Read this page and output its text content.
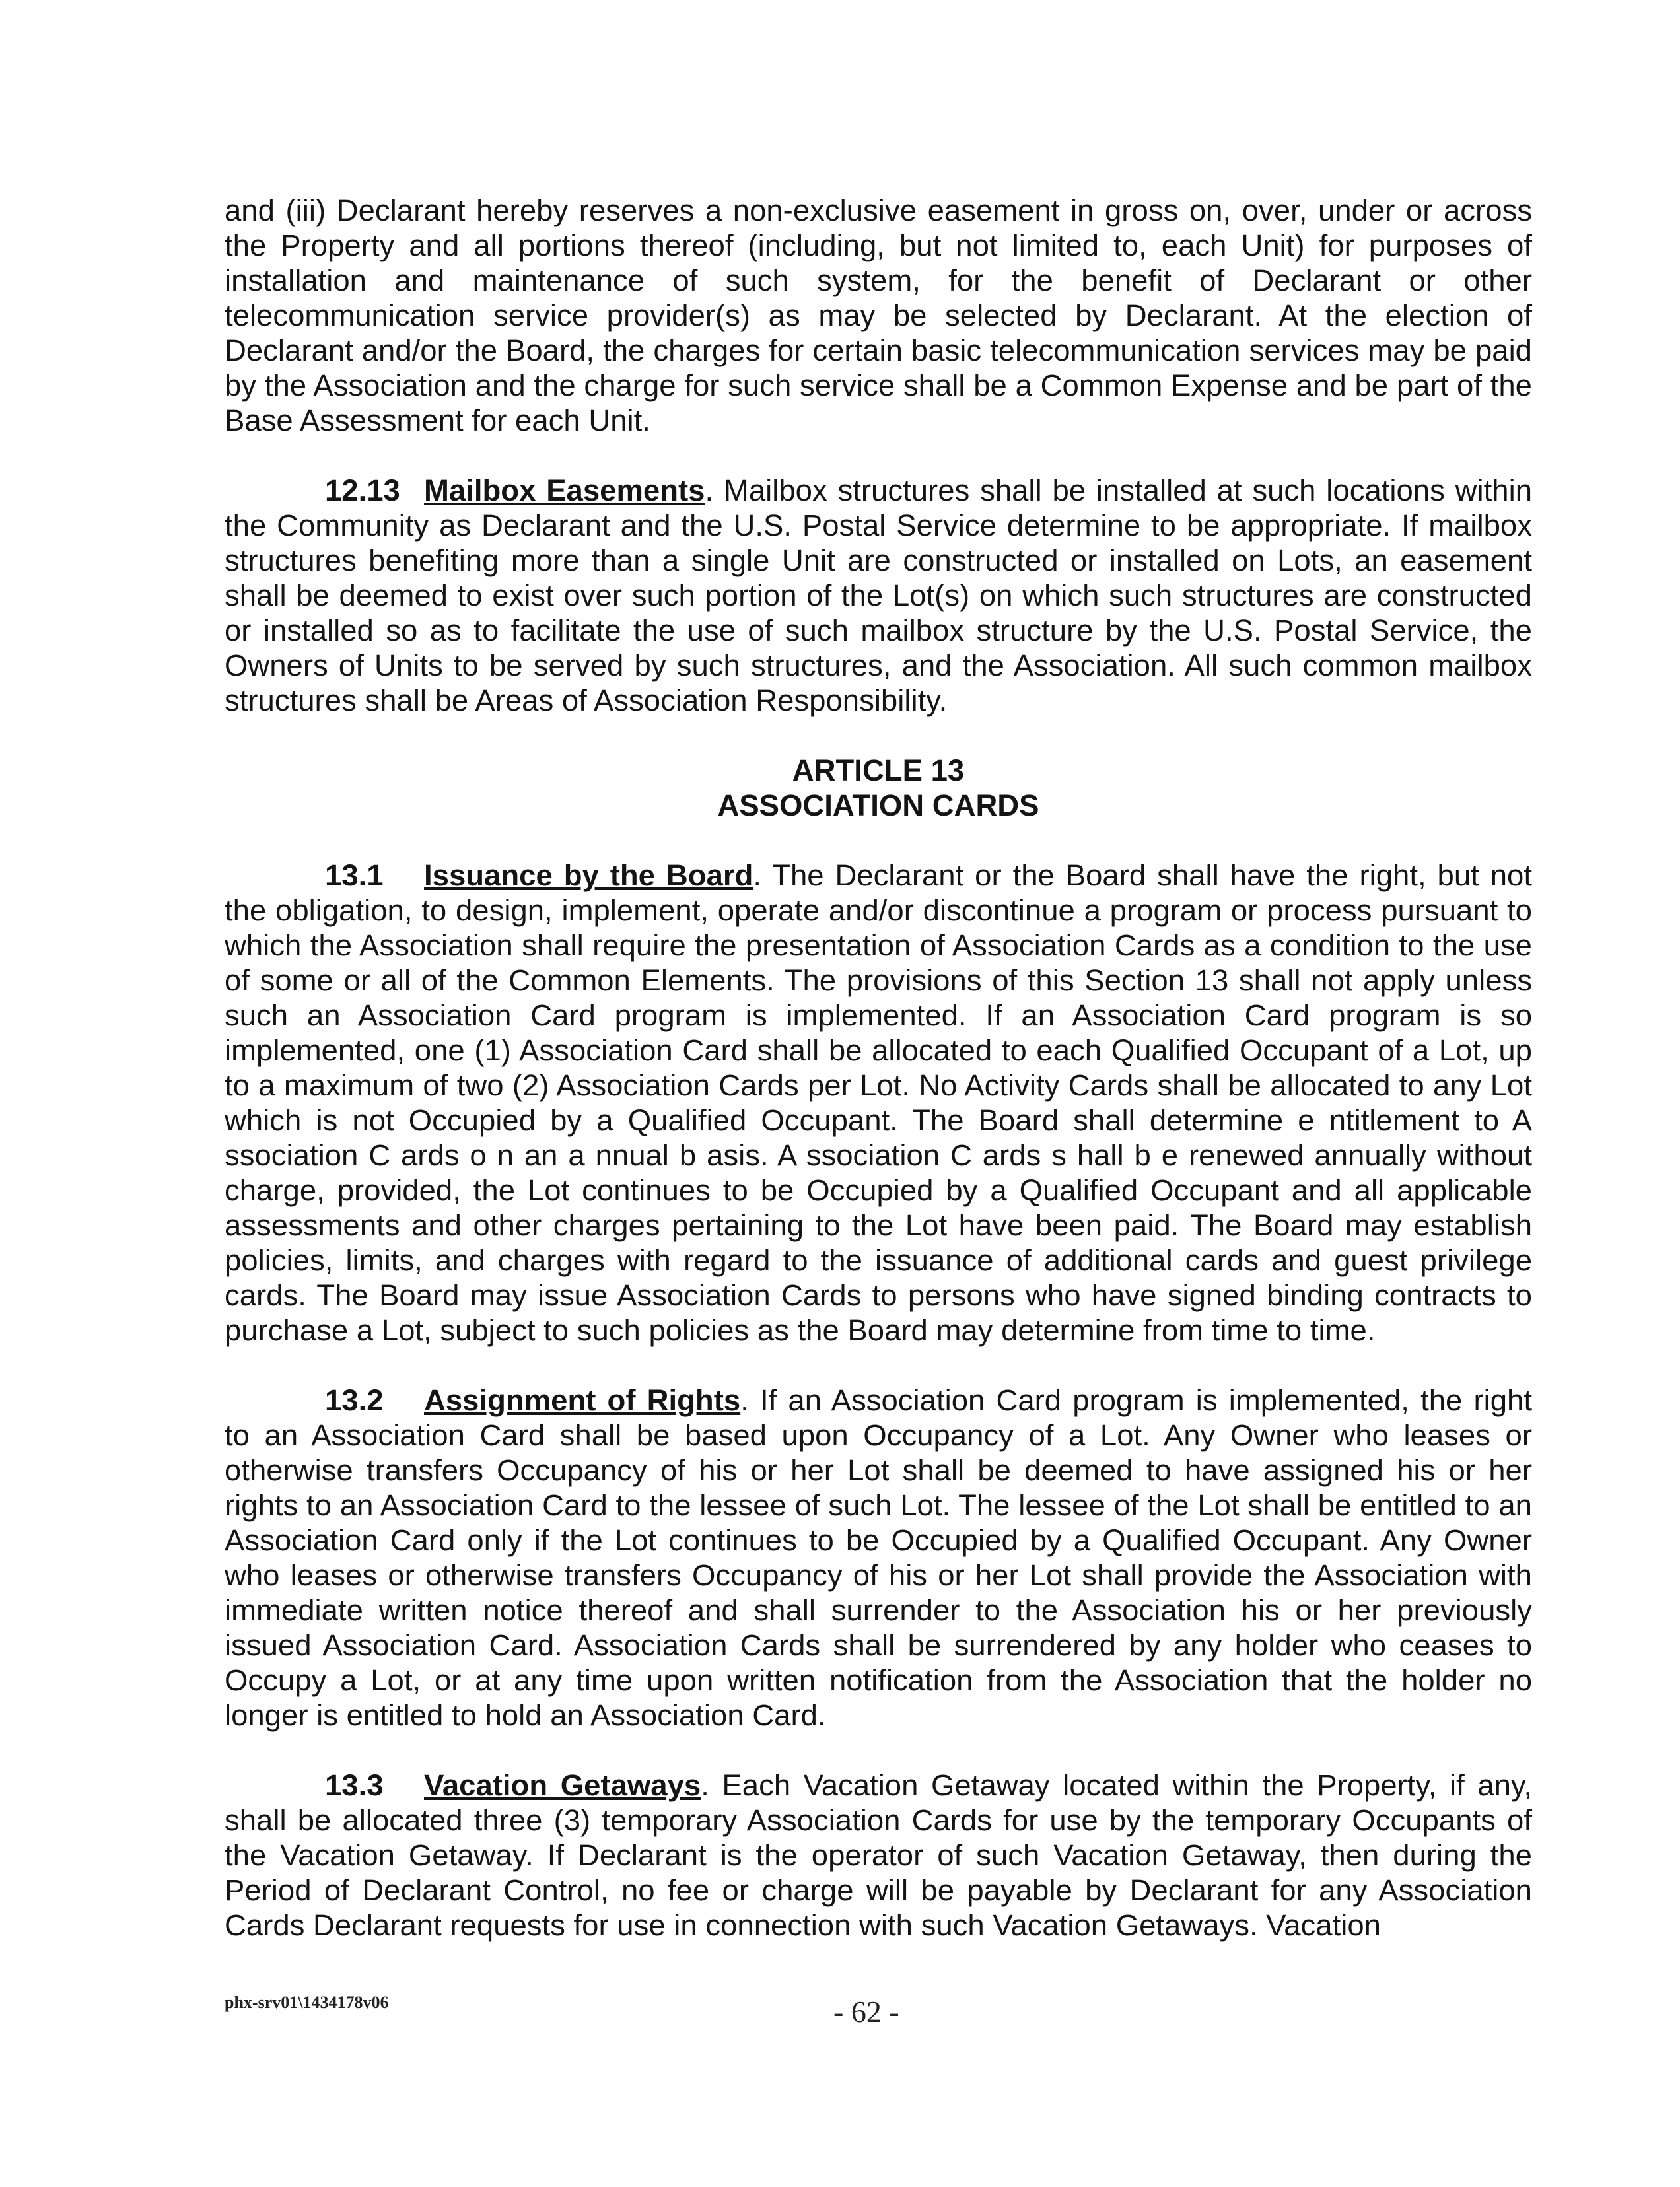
and (iii) Declarant hereby reserves a non-exclusive easement in gross on, over, under or across the Property and all portions thereof (including, but not limited to, each Unit) for purposes of installation and maintenance of such system, for the benefit of Declarant or other telecommunication service provider(s) as may be selected by Declarant. At the election of Declarant and/or the Board, the charges for certain basic telecommunication services may be paid by the Association and the charge for such service shall be a Common Expense and be part of the Base Assessment for each Unit.

12.13 Mailbox Easements. Mailbox structures shall be installed at such locations within the Community as Declarant and the U.S. Postal Service determine to be appropriate. If mailbox structures benefiting more than a single Unit are constructed or installed on Lots, an easement shall be deemed to exist over such portion of the Lot(s) on which such structures are constructed or installed so as to facilitate the use of such mailbox structure by the U.S. Postal Service, the Owners of Units to be served by such structures, and the Association. All such common mailbox structures shall be Areas of Association Responsibility.

ARTICLE 13
ASSOCIATION CARDS

13.1 Issuance by the Board. The Declarant or the Board shall have the right, but not the obligation, to design, implement, operate and/or discontinue a program or process pursuant to which the Association shall require the presentation of Association Cards as a condition to the use of some or all of the Common Elements. The provisions of this Section 13 shall not apply unless such an Association Card program is implemented. If an Association Card program is so implemented, one (1) Association Card shall be allocated to each Qualified Occupant of a Lot, up to a maximum of two (2) Association Cards per Lot. No Activity Cards shall be allocated to any Lot which is not Occupied by a Qualified Occupant. The Board shall determine e ntitlement to A ssociation C ards o n an a nnual b asis. A ssociation C ards s hall b e renewed annually without charge, provided, the Lot continues to be Occupied by a Qualified Occupant and all applicable assessments and other charges pertaining to the Lot have been paid. The Board may establish policies, limits, and charges with regard to the issuance of additional cards and guest privilege cards. The Board may issue Association Cards to persons who have signed binding contracts to purchase a Lot, subject to such policies as the Board may determine from time to time.

13.2 Assignment of Rights. If an Association Card program is implemented, the right to an Association Card shall be based upon Occupancy of a Lot. Any Owner who leases or otherwise transfers Occupancy of his or her Lot shall be deemed to have assigned his or her rights to an Association Card to the lessee of such Lot. The lessee of the Lot shall be entitled to an Association Card only if the Lot continues to be Occupied by a Qualified Occupant. Any Owner who leases or otherwise transfers Occupancy of his or her Lot shall provide the Association with immediate written notice thereof and shall surrender to the Association his or her previously issued Association Card. Association Cards shall be surrendered by any holder who ceases to Occupy a Lot, or at any time upon written notification from the Association that the holder no longer is entitled to hold an Association Card.

13.3 Vacation Getaways. Each Vacation Getaway located within the Property, if any, shall be allocated three (3) temporary Association Cards for use by the temporary Occupants of the Vacation Getaway. If Declarant is the operator of such Vacation Getaway, then during the Period of Declarant Control, no fee or charge will be payable by Declarant for any Association Cards Declarant requests for use in connection with such Vacation Getaways. Vacation

phx-srv01\1434178v06	- 62 -
